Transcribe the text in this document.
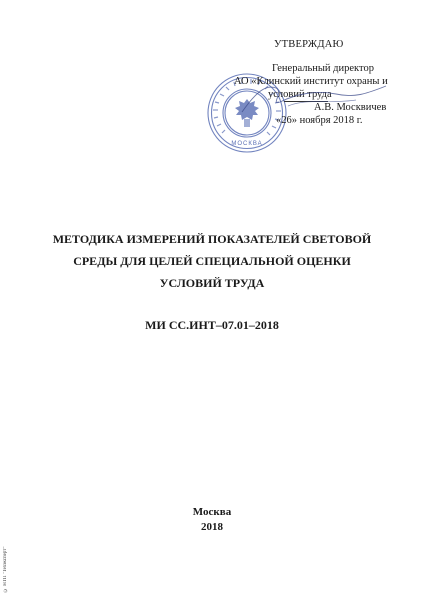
МОСКВА
УТВЕРЖДАЮ
Генеральный директор
АО «Клинский институт охраны и
условий труда
А.В. Москвичев
«26» ноября 2018 г.
МЕТОДИКА ИЗМЕРЕНИЙ ПОКАЗАТЕЛЕЙ СВЕТОВОЙ
СРЕДЫ ДЛЯ ЦЕЛЕЙ СПЕЦИАЛЬНОЙ ОЦЕНКИ
УСЛОВИЙ ТРУДА
МИ СС.ИНТ–07.01–2018
Москва
2018
© НТП "Техэксперт"
